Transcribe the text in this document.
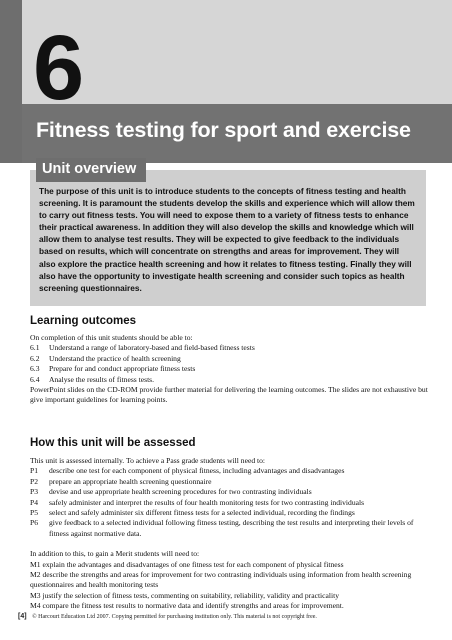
6
Fitness testing for sport and exercise
Unit overview
The purpose of this unit is to introduce students to the concepts of fitness testing and health screening. It is paramount the students develop the skills and experience which will allow them to carry out fitness tests. You will need to expose them to a variety of fitness tests to enhance their practical awareness. In addition they will also develop the skills and knowledge which will allow them to analyse test results. They will be expected to give feedback to the individuals based on results, which will concentrate on strengths and areas for improvement. They will also explore the practice health screening and how it relates to fitness testing. Finally they will also have the opportunity to investigate health screening and consider such topics as health screening questionnaires.
Learning outcomes

On completion of this unit students should be able to:

6.1	Understand a range of laboratory-based and field-based fitness tests
6.2	Understand the practice of health screening
6.3	Prepare for and conduct appropriate fitness tests
6.4	Analyse the results of fitness tests.

PowerPoint slides on the CD-ROM provide further material for delivering the learning outcomes. The slides are not exhaustive but give important guidelines for learning points.

How this unit will be assessed

This unit is assessed internally. To achieve a Pass grade students will need to:

P1	describe one test for each component of physical fitness, including advantages and disadvantages
P2	prepare an appropriate health screening questionnaire
P3	devise and use appropriate health screening procedures for two contrasting individuals
P4	safely administer and interpret the results of four health monitoring tests for two contrasting individuals
P5	select and safely administer six different fitness tests for a selected individual, recording the findings
P6	give feedback to a selected individual following fitness testing, describing the test results and interpreting their levels of fitness against normative data.

In addition to this, to gain a Merit students will need to:

M1 explain the advantages and disadvantages of one fitness test for each component of physical fitness

M2 describe the strengths and areas for improvement for two contrasting individuals using information from health screening questionnaires and health monitoring tests

M3 justify the selection of fitness tests, commenting on suitability, reliability, validity and practicality

M4 compare the fitness test results to normative data and identify strengths and areas for improvement.

[4] © Harcourt Education Ltd 2007. Copying permitted for purchasing institution only. This material is not copyright free.
